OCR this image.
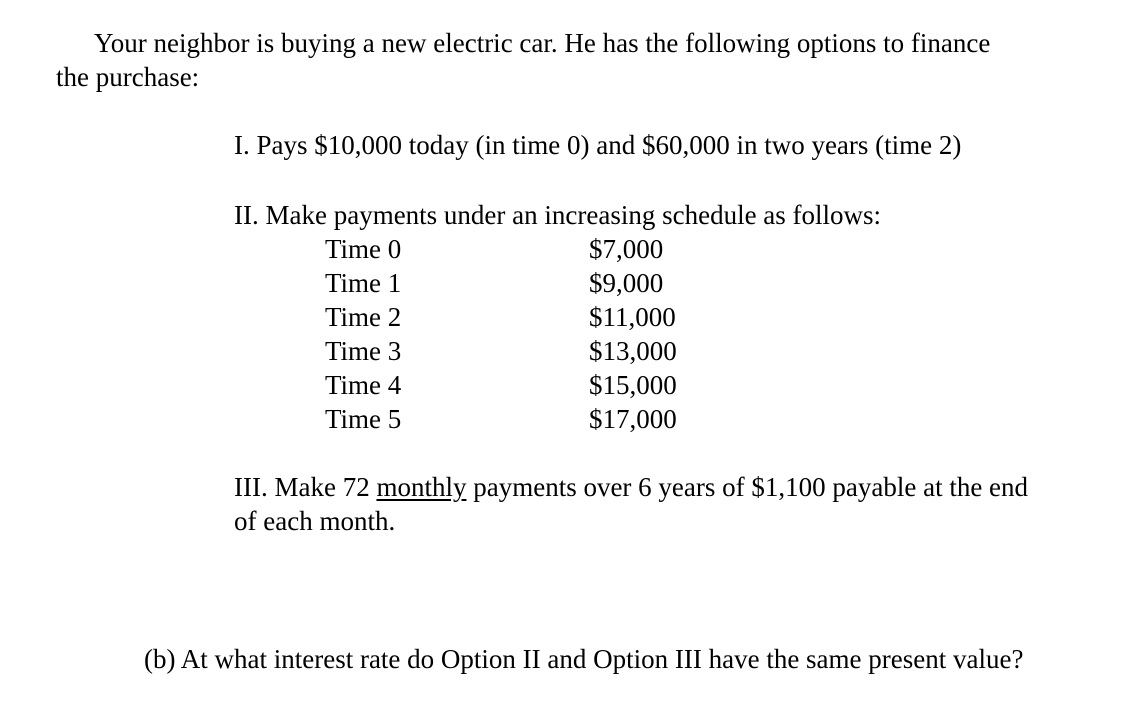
Your neighbor is buying a new electric car. He has the following options to finance
the purchase:
I. Pays $10,000 today (in time 0) and $60,000 in two years (time 2)
II. Make payments under an increasing schedule as follows:
Time 0	$7,000
Time 1	$9,000
Time 2	$11,000
Time 3	$13,000
Time 4	$15,000
Time 5	$17,000
III. Make 72 monthly payments over 6 years of $1,100 payable at the end
of each month.
(b) At what interest rate do Option II and Option III have the same present value?
